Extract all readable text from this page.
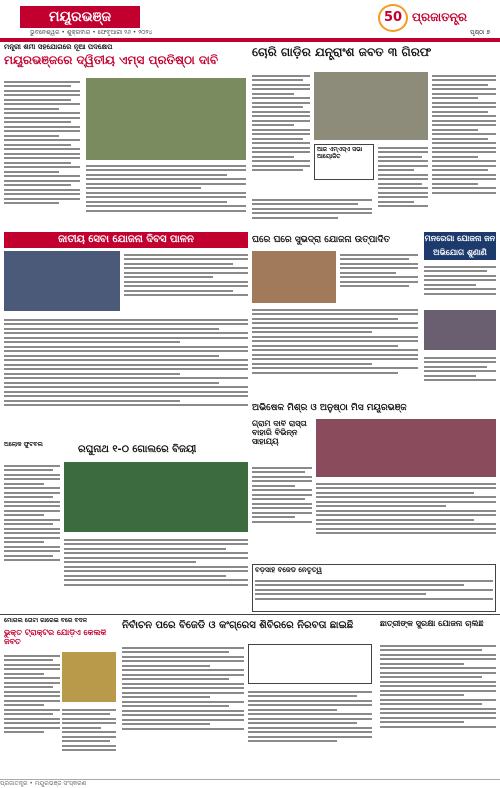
ମୟୂରଭଞ୍ଜ
ଭୁବନେଶ୍ୱର • ଶୁକ୍ରବାର • ଫେବୃଆରୀ ୨୬ • ୨୦୨୪
50 ପ୍ରଜାତନ୍ତ୍ର
ପୃଷ୍ଠା ୭
ମନ୍ତ୍ରୀ ଶର୍ମା ସହଯୋଗରେ ନୂଆ ପଦକ୍ଷେପ
ମୟୂରଭଞ୍ଜରେ ଦ୍ୱିତୀୟ ଏମ୍ସ ପ୍ରତିଷ୍ଠା ଦାବି
ଚୋରି ଗାଡ଼ିର ଯନ୍ତ୍ରାଂଶ ଜବତ ୩ ଗିରଫ
ଆଜି ଏମ୍ଏସ୍ଏ ସଭା ଆୟୋଜିତ
ଜାତୀୟ ସେବା ଯୋଜନା ଦିବସ ପାଳନ	ଘରେ ଘରେ ସୁଭଦ୍ରା ଯୋଜନା ଉତ୍ପାଦିତ	ମନରେଗା ଯୋଜନା ଜନ ଅଭିଯୋଗ ଶୁଣାଣି
ଅଭିଷେକ ମିଶ୍ର ଓ ଅନୁଷ୍ଠା ମିସ ମୟୂରଭଞ୍ଜ
ଗ୍ରାମ ଦାବି ରାସ୍ତା ବାହାରି ବିଭିନ୍ନ ସାହାଯ୍ୟ
ଅଲୋକ ଫୁଟବଲ	ରଘୁନାଥ ୧-୦ ଗୋଲରେ ବିଜୟୀ
ବଡ଼ସାହି ବିଜେଡି ନେତୃତ୍ୱ
ମୋଗଲ ତୋଟା ଗାରେଇ ବରେ ବଦଳ
ଭୁକ୍ତ ଟ୍ରାକ୍ଟର ଯୋଡ଼ିଏ କେଲକି ଜବତ
ନିର୍ବାଚନ ପରେ ବିଜେଡି ଓ କଂଗ୍ରେସ ଶିବିରରେ ନିରବତା ଛାଇଛି	ଛାତ୍ରୀଙ୍କ ସୁରକ୍ଷା ଯୋଜନା ଚାଲିଛି
ପ୍ରଜାତନ୍ତ୍ର • ମୟୂରଭଞ୍ଜ ସଂସ୍କରଣ
